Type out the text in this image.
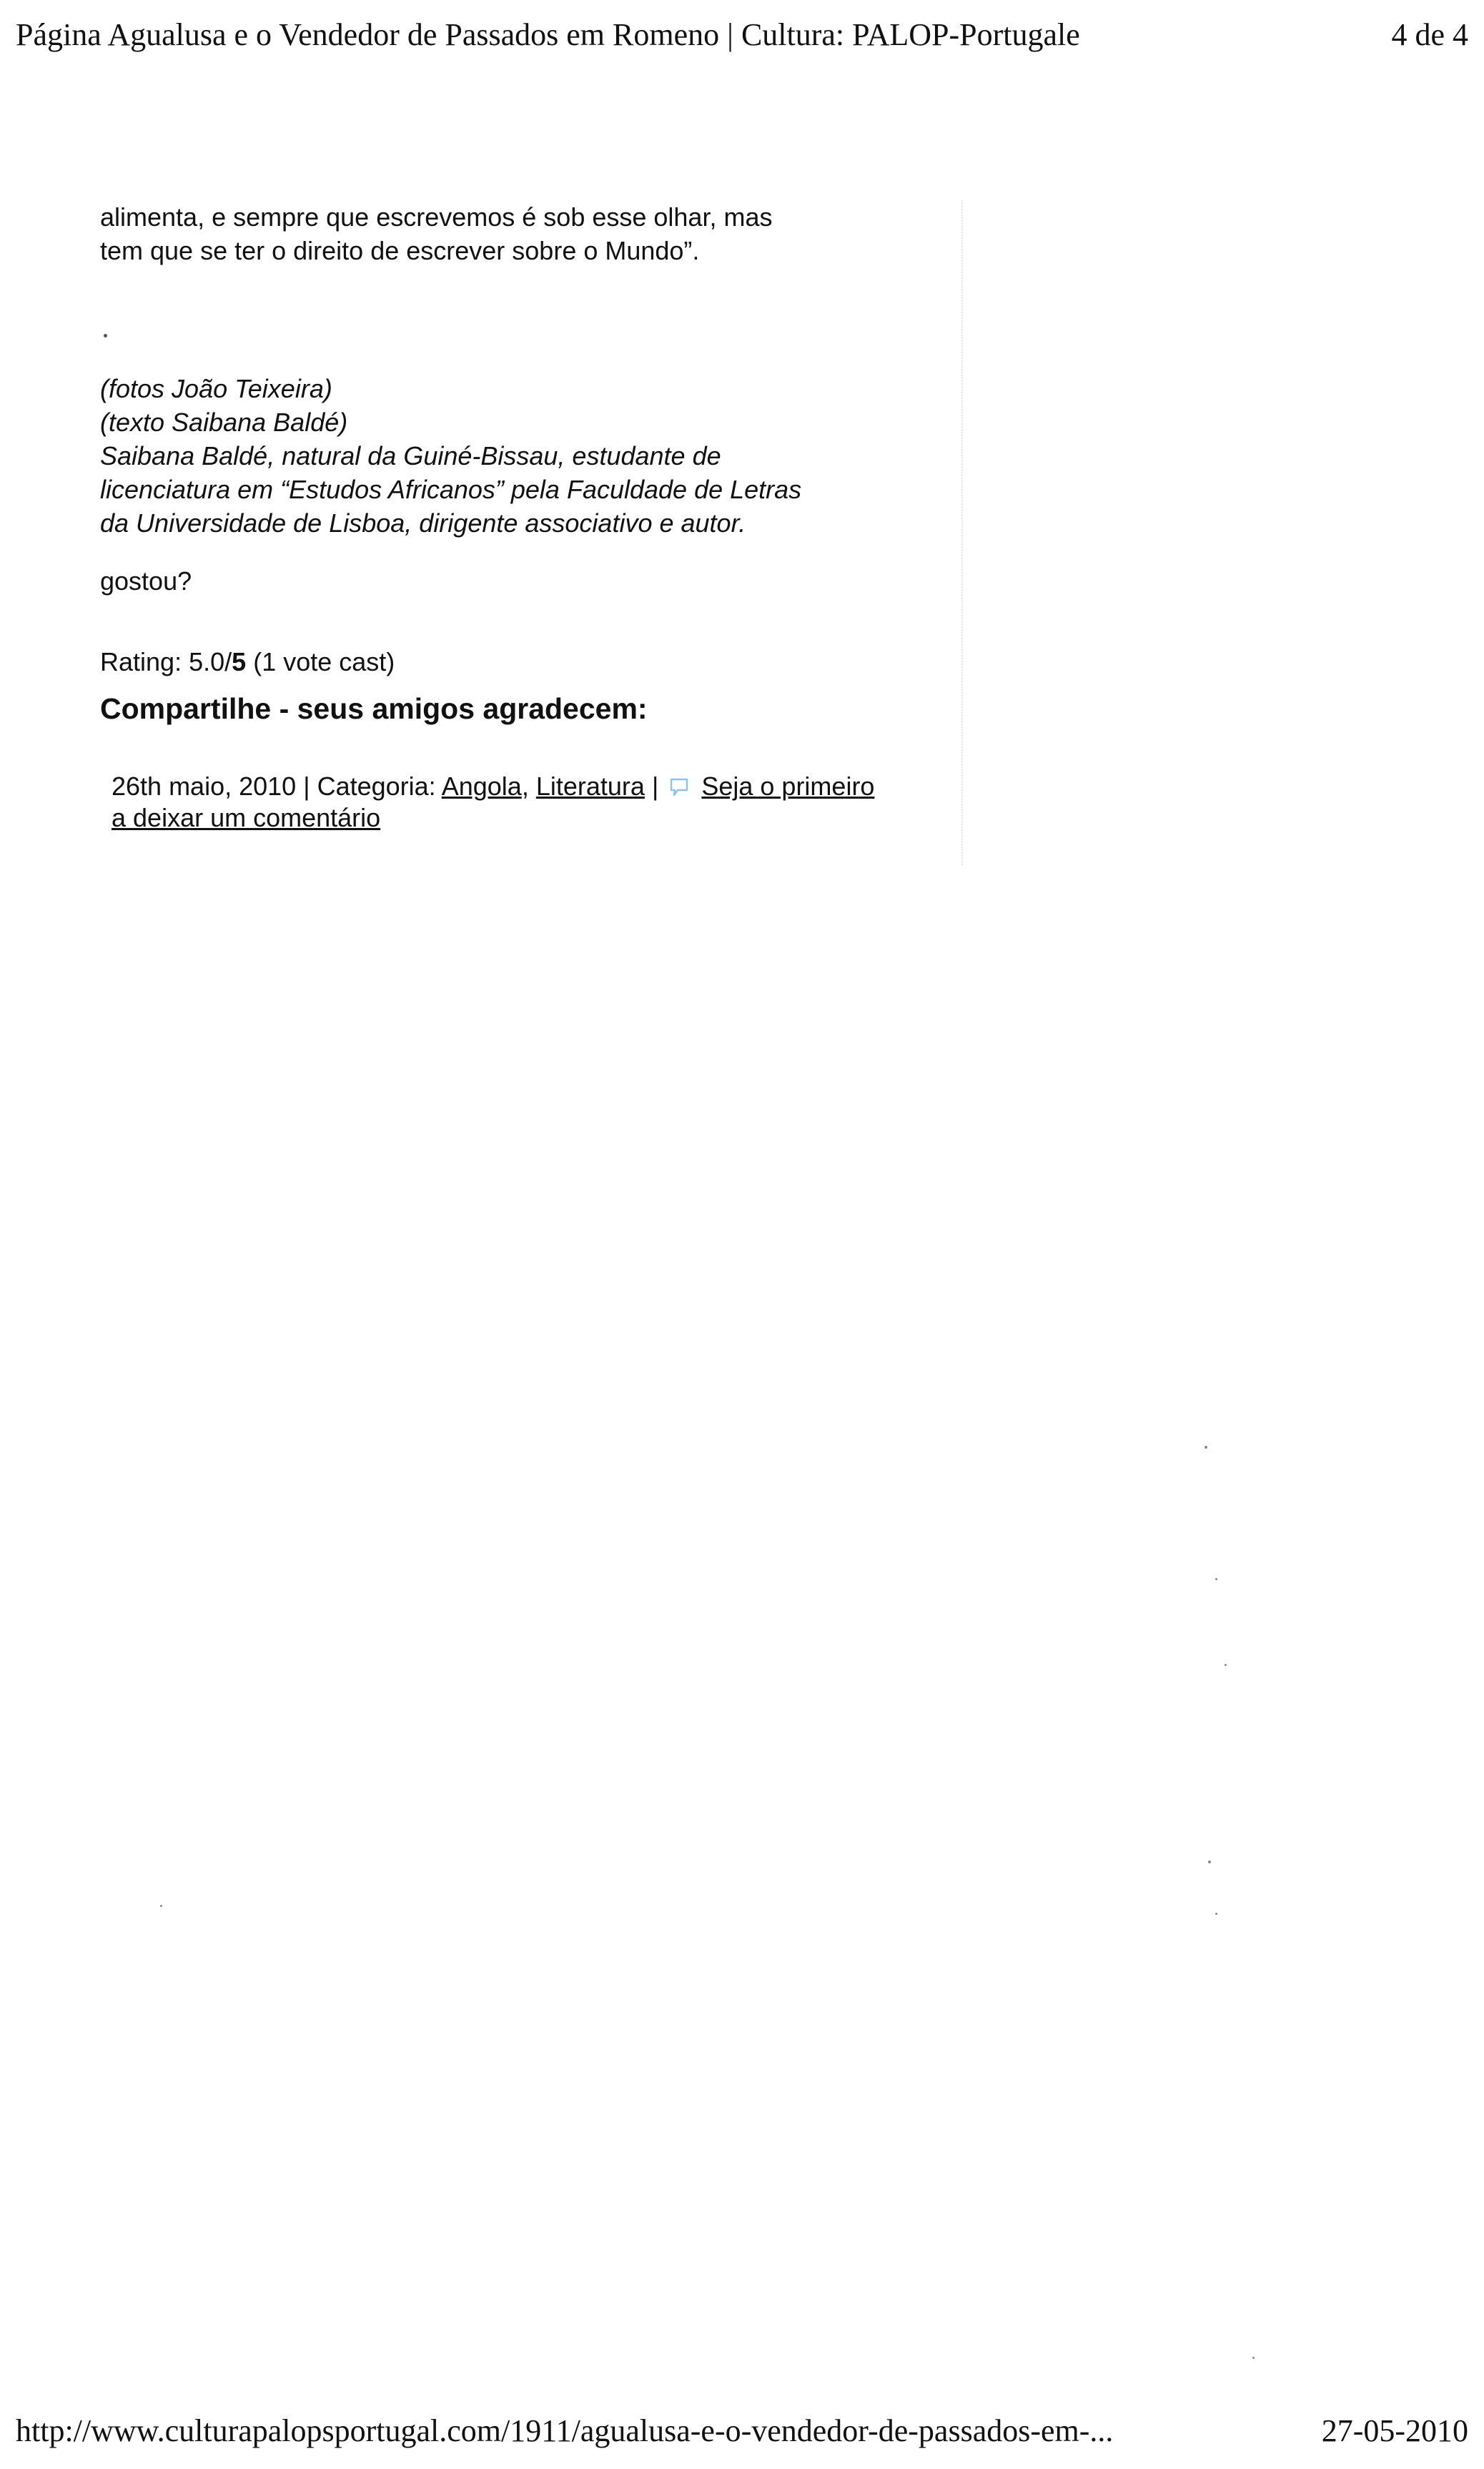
Página Agualusa e o Vendedor de Passados em Romeno | Cultura: PALOP-Portugale	4 de 4
alimenta, e sempre que escrevemos é sob esse olhar, mas
tem que se ter o direito de escrever sobre o Mundo”.
(fotos João Teixeira)
(texto Saibana Baldé)
Saibana Baldé, natural da Guiné-Bissau, estudante de
licenciatura em “Estudos Africanos” pela Faculdade de Letras
da Universidade de Lisboa, dirigente associativo e autor.
gostou?
Rating: 5.0/5 (1 vote cast)
Compartilhe - seus amigos agradecem:
26th maio, 2010 | Categoria: Angola, Literatura | Seja o primeiro
a deixar um comentário
http://www.culturapalopsportugal.com/1911/agualusa-e-o-vendedor-de-passados-em-...	27-05-2010
